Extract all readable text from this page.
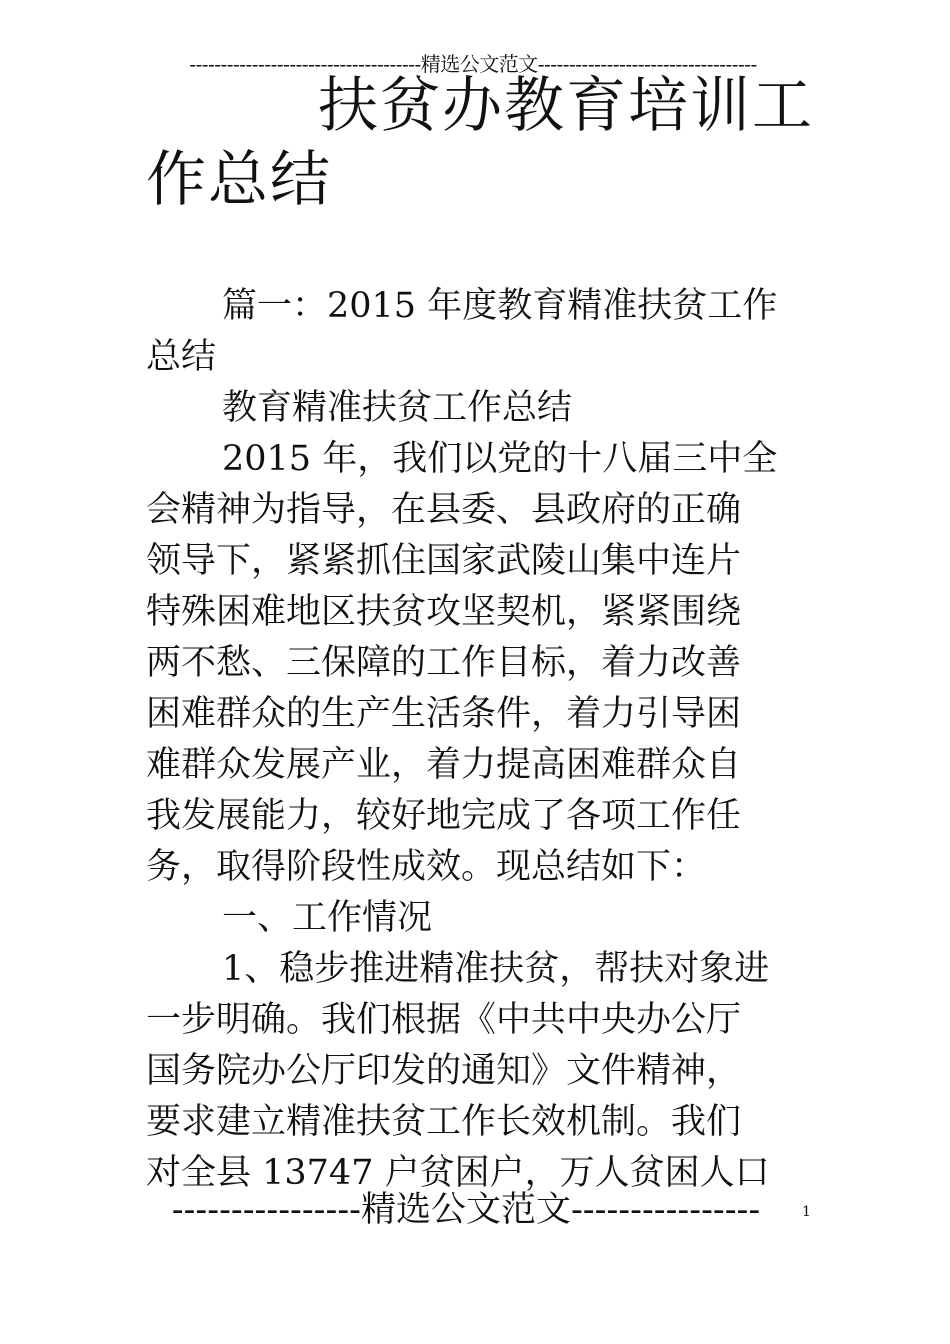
-------------------------------------精选公文范文-----------------------------------
扶贫办教育培训工
作总结

篇一：2015 年度教育精准扶贫工作

总结

教育精准扶贫工作总结

2015 年，我们以党的十八届三中全

会精神为指导，在县委、县政府的正确

领导下，紧紧抓住国家武陵山集中连片

特殊困难地区扶贫攻坚契机，紧紧围绕

两不愁、三保障的工作目标，着力改善

困难群众的生产生活条件，着力引导困

难群众发展产业，着力提高困难群众自

我发展能力，较好地完成了各项工作任

务，取得阶段性成效。现总结如下：

一、工作情况

1、稳步推进精准扶贫，帮扶对象进

一步明确。我们根据《中共中央办公厅

国务院办公厅印发的通知》文件精神，

要求建立精准扶贫工作长效机制。我们

对全县 13747 户贫困户，万人贫困人口

----------------精选公文范文----------------	1
